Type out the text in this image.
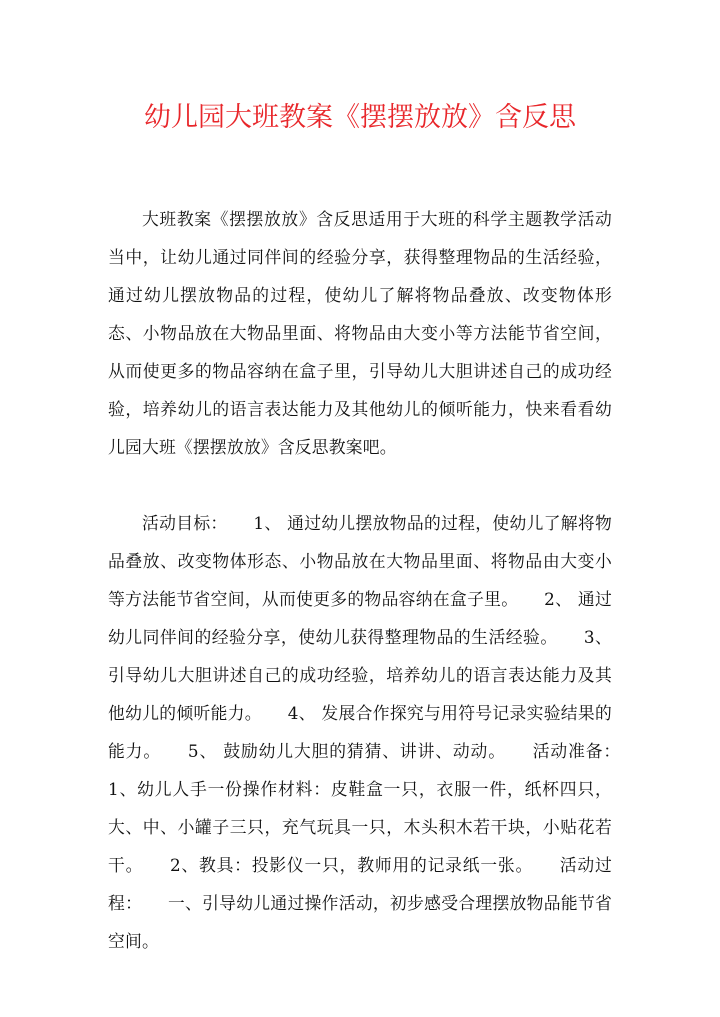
幼儿园大班教案《摆摆放放》含反思

大班教案《摆摆放放》含反思适用于大班的科学主题教学活动当中，让幼儿通过同伴间的经验分享，获得整理物品的生活经验，通过幼儿摆放物品的过程，使幼儿了解将物品叠放、改变物体形态、小物品放在大物品里面、将物品由大变小等方法能节省空间，从而使更多的物品容纳在盒子里，引导幼儿大胆讲述自己的成功经验，培养幼儿的语言表达能力及其他幼儿的倾听能力，快来看看幼儿园大班《摆摆放放》含反思教案吧。

活动目标：　　1、 通过幼儿摆放物品的过程，使幼儿了解将物品叠放、改变物体形态、小物品放在大物品里面、将物品由大变小等方法能节省空间，从而使更多的物品容纳在盒子里。　　2、 通过幼儿同伴间的经验分享，使幼儿获得整理物品的生活经验。　　3、 引导幼儿大胆讲述自己的成功经验，培养幼儿的语言表达能力及其他幼儿的倾听能力。　　4、 发展合作探究与用符号记录实验结果的能力。　　5、 鼓励幼儿大胆的猜猜、讲讲、动动。　　活动准备：　　1、幼儿人手一份操作材料：皮鞋盒一只，衣服一件，纸杯四只，大、中、小罐子三只，充气玩具一只，木头积木若干块，小贴花若干。　　2、教具：投影仪一只，教师用的记录纸一张。　　活动过程：　　一、引导幼儿通过操作活动，初步感受合理摆放物品能节省空间。
